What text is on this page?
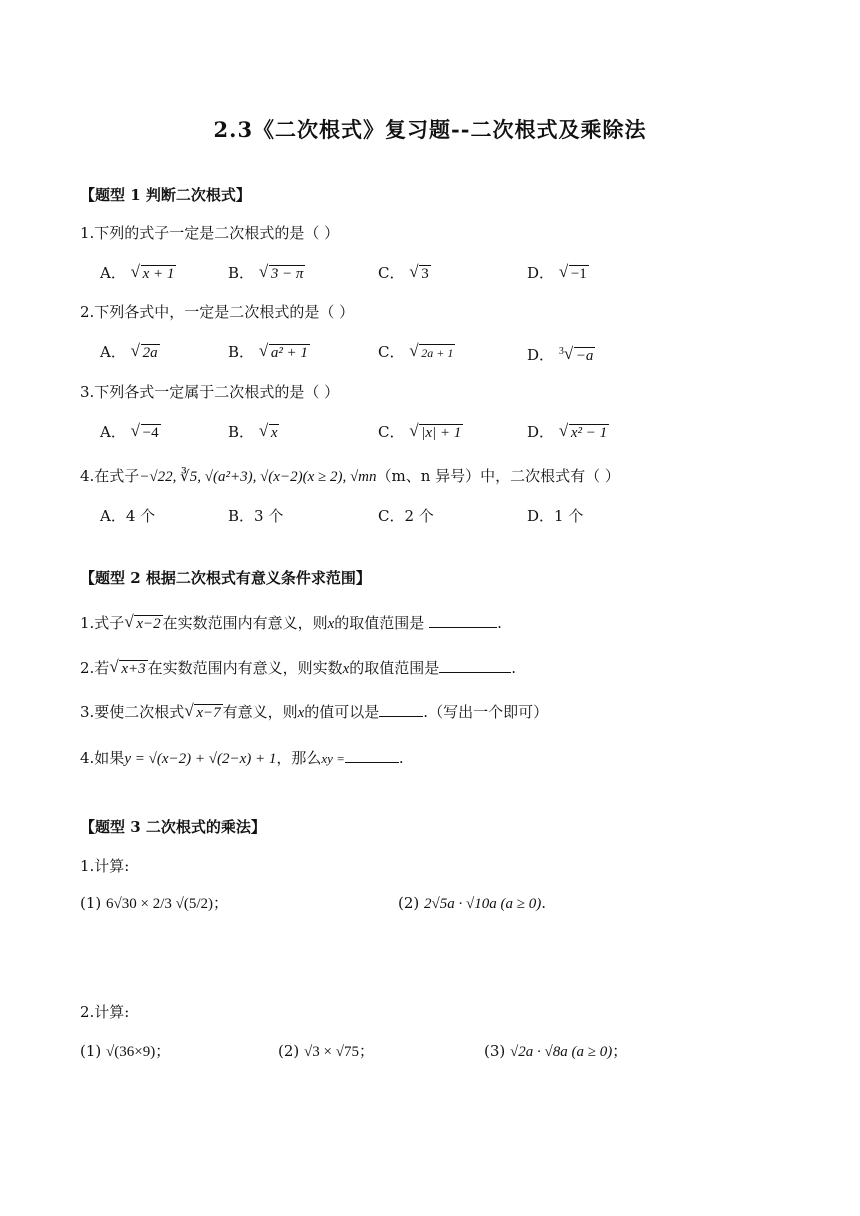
2.3《二次根式》复习题--二次根式及乘除法
【题型 1 判断二次根式】
1.下列的式子一定是二次根式的是（ ）
A． √ x + 1	B． √ 3 − π	C． √ 3	D． √ −1
2.下列各式中，一定是二次根式的是（ ）
A． √ 2a	B． √ a² + 1	C． √ 2a + 1	D． $^3$ √ −a
3.下列各式一定属于二次根式的是（ ）
A． √ −4	B． √ x	C． √ |x| + 1	D． √ x² − 1
4.在式子−√22, ∛5, √(a²+3), √(x−2)(x ≥ 2), √mn（m、n 异号）中，二次根式有（ ）
A．4 个	B．3 个	C．2 个	D．1 个
【题型 2 根据二次根式有意义条件求范围】
1.式子 √ x−2 在实数范围内有意义，则x的取值范围是	.
2.若 √ x+3 在实数范围内有意义，则实数x的取值范围是	.
3.要使二次根式 √ x−7 有意义，则x的值可以是	.（写出一个即可）
4.如果y = √(x−2) + √(2−x) + 1，那么xy =	.
【题型 3 二次根式的乘法】
1.计算:
(1) 6√30 × 2/3 √(5/2)；	(2) 2√5a · √10a (a ≥ 0).
2.计算:
(1) √(36×9)；	(2) √3 × √75；	(3) √2a · √8a (a ≥ 0)；
